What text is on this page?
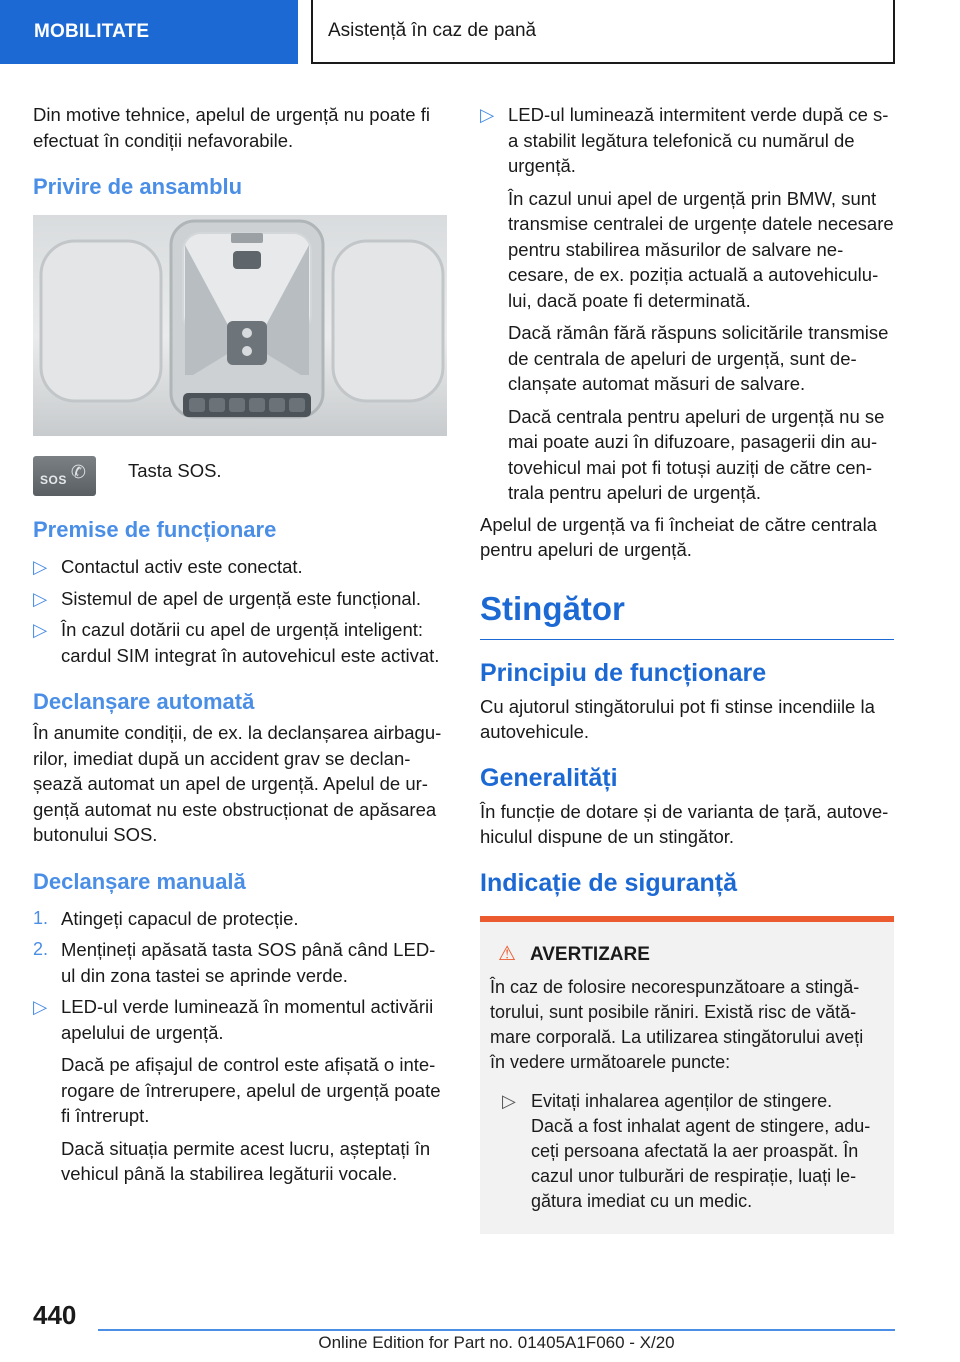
MOBILITATE	Asistență în caz de pană

Din motive tehnice, apelul de urgență nu poate fi efectuat în condiții nefavorabile.

Privire de ansamblu
✆
SOS	Tasta SOS.

Premise de funcționare
▷ Contactul activ este conectat.
▷ Sistemul de apel de urgență este funcțional.
▷ În cazul dotării cu apel de urgență inteligent: cardul SIM integrat în autovehicul este activat.
Declanșare automată

În anumite condiții, de ex. la declanșarea airbagurilor, imediat după un accident grav se declanșează automat un apel de urgență. Apelul de urgență automat nu este obstrucționat de apăsarea butonului SOS.

Declanșare manuală
1. Atingeți capacul de protecție.
2. Mențineți apăsată tasta SOS până când LED-ul din zona tastei se aprinde verde.
▷ LED-ul verde luminează în momentul activării apelului de urgență.

Dacă pe afișajul de control este afișată o interogare de întrerupere, apelul de urgență poate fi întrerupt.

Dacă situația permite acest lucru, așteptați în vehicul până la stabilirea legăturii vocale.

▷ LED-ul luminează intermitent verde după ce s-a stabilit legătura telefonică cu numărul de urgență.

În cazul unui apel de urgență prin BMW, sunt transmise centralei de urgențe datele necesare pentru stabilirea măsurilor de salvare necesare, de ex. poziția actuală a autovehiculului, dacă poate fi determinată.

Dacă rămân fără răspuns solicitările transmise de centrala de apeluri de urgență, sunt declanșate automat măsuri de salvare.

Dacă centrala pentru apeluri de urgență nu se mai poate auzi în difuzoare, pasagerii din autovehicul mai pot fi totuși auziți de către centrala pentru apeluri de urgență.

Apelul de urgență va fi încheiat de către centrala pentru apeluri de urgență.

Stingător
Principiu de funcționare

Cu ajutorul stingătorului pot fi stinse incendiile la autovehicule.

Generalități

În funcție de dotare și de varianta de țară, autovehiculul dispune de un stingător.

Indicație de siguranță
⚠ AVERTIZARE

În caz de folosire necorespunzătoare a stingătorului, sunt posibile răniri. Există risc de vătămare corporală. La utilizarea stingătorului aveți în vedere următoarele puncte:

▷ Evitați inhalarea agenților de stingere. Dacă a fost inhalat agent de stingere, aduceți persoana afectată la aer proaspăt. În cazul unor tulburări de respirație, luați legătura imediat cu un medic.
440
Online Edition for Part no. 01405A1F060 - X/20
